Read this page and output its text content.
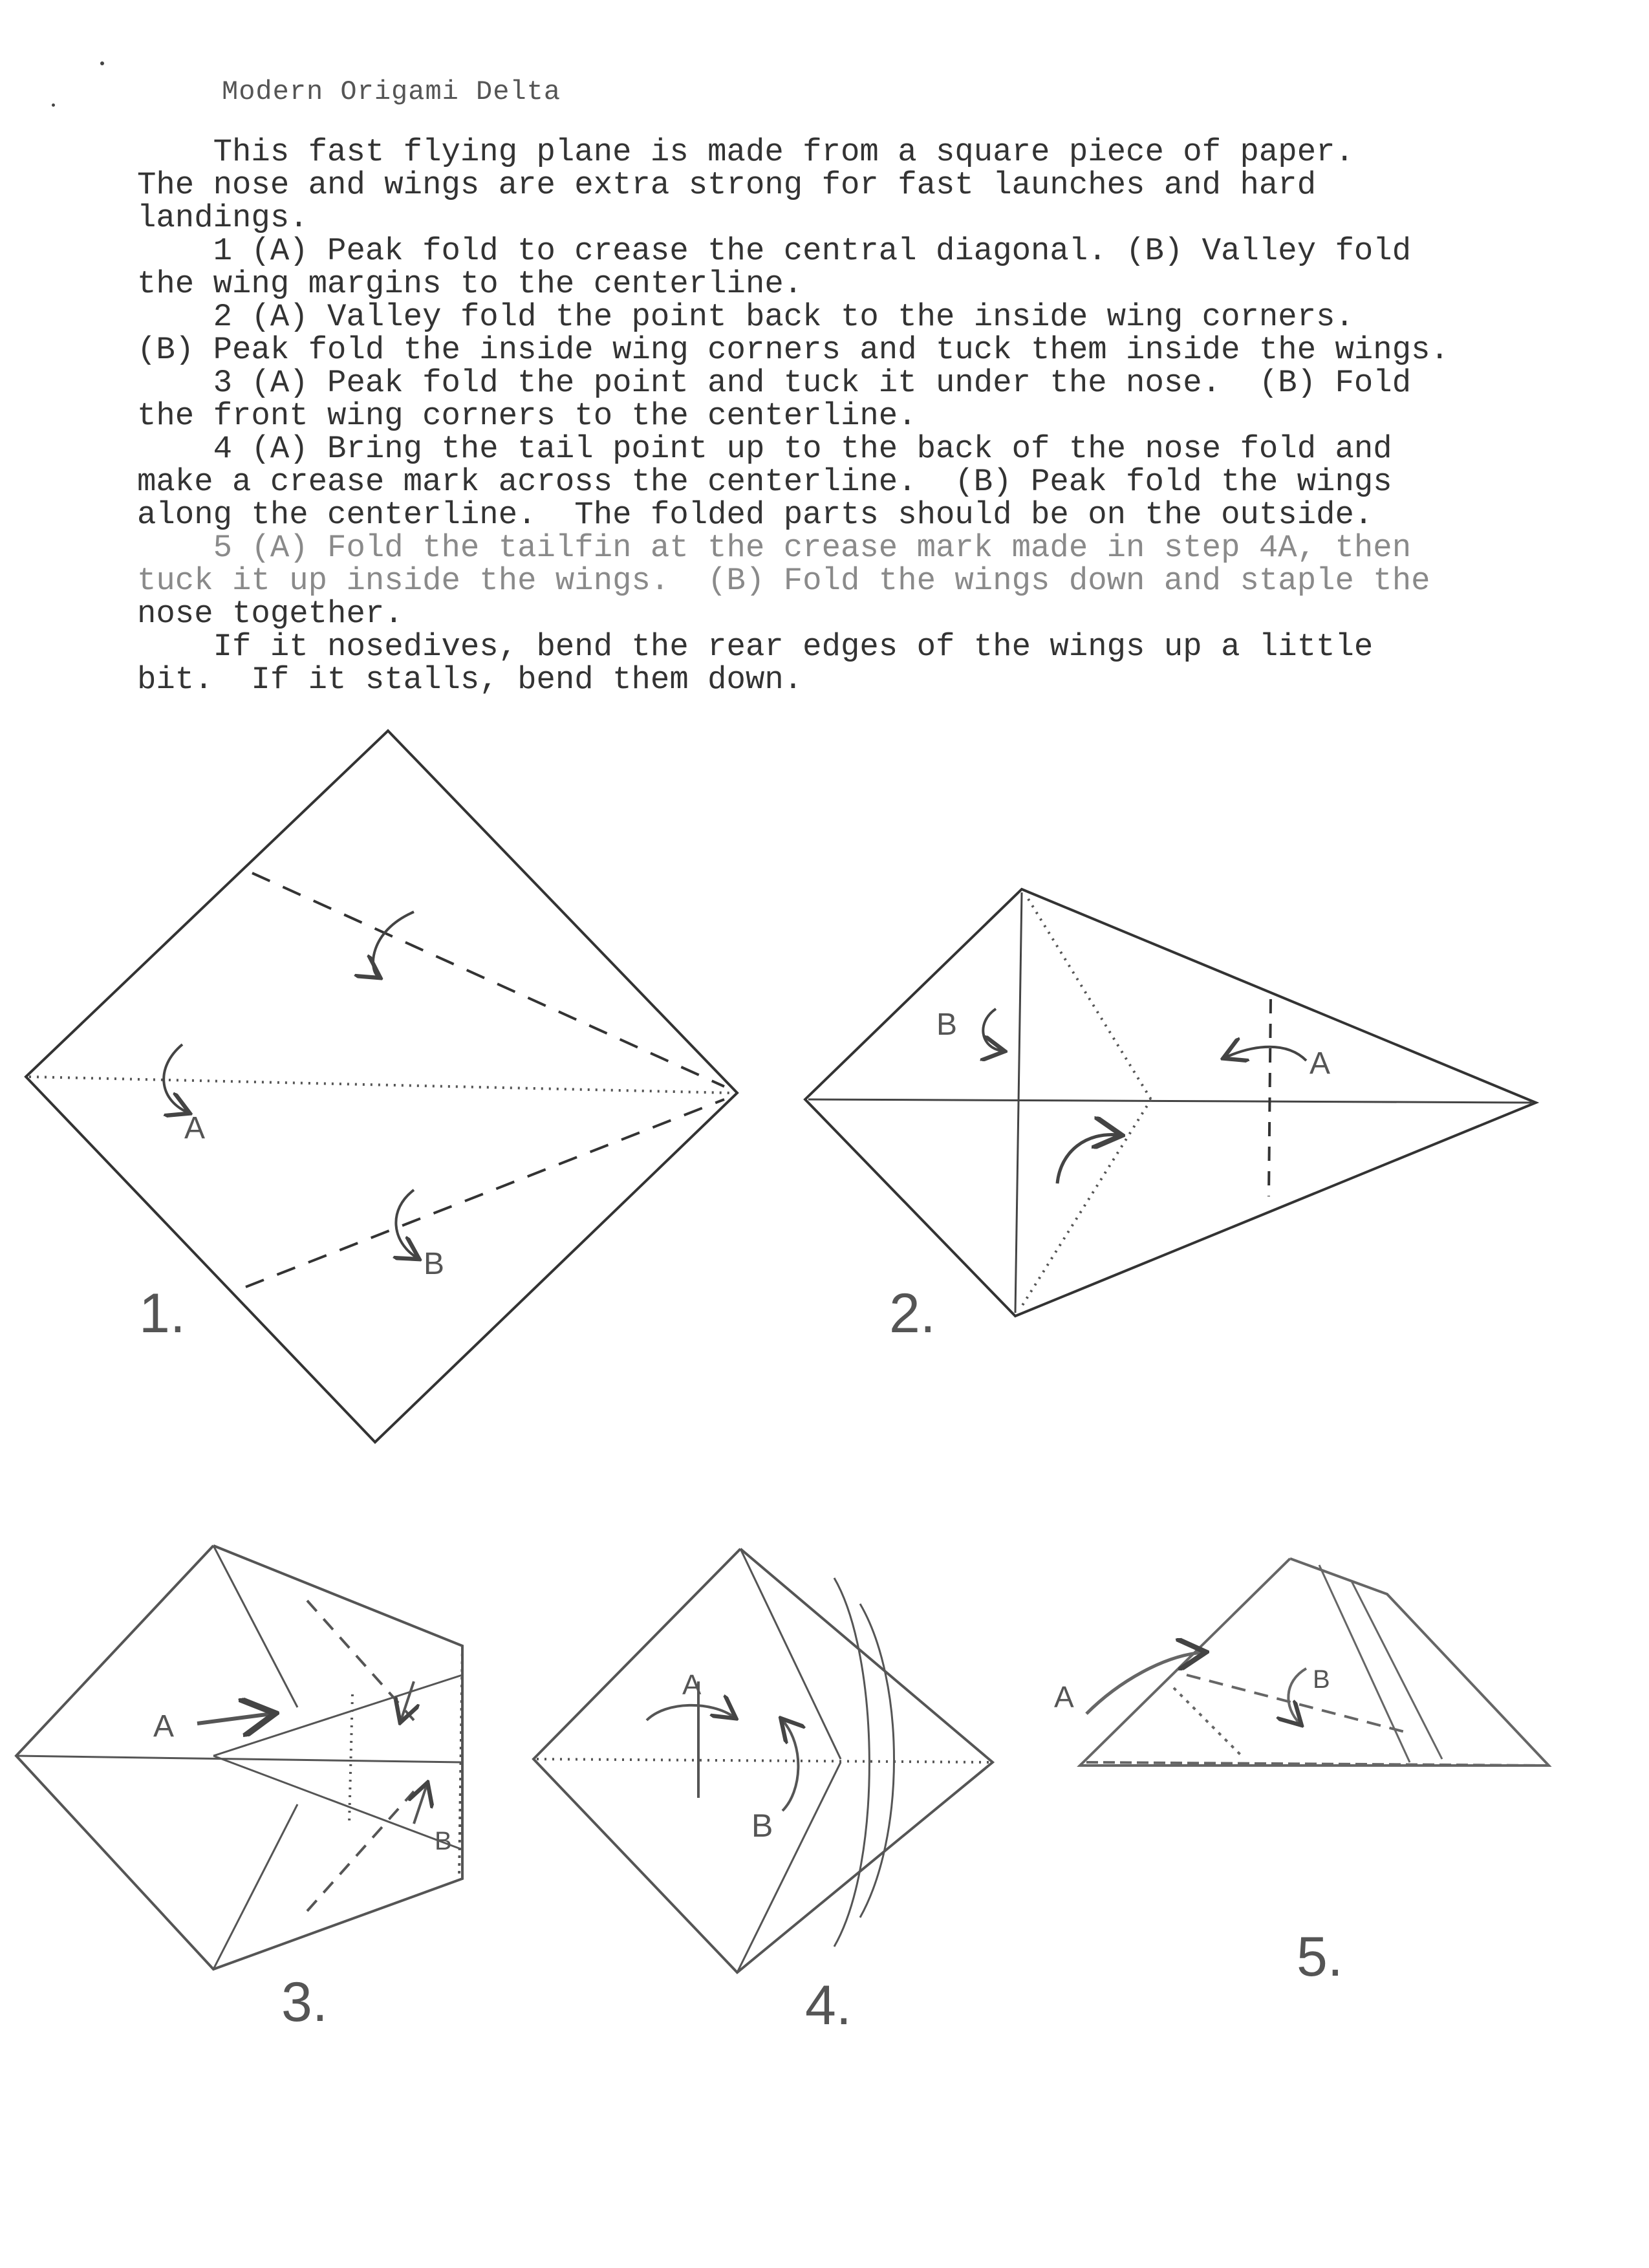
Modern Origami Delta
This fast flying plane is made from a square piece of paper.
The nose and wings are extra strong for fast launches and hard
landings.
1 (A) Peak fold to crease the central diagonal. (B) Valley fold
the wing margins to the centerline.
2 (A) Valley fold the point back to the inside wing corners.
(B) Peak fold the inside wing corners and tuck them inside the wings.
3 (A) Peak fold the point and tuck it under the nose.  (B) Fold
the front wing corners to the centerline.
4 (A) Bring the tail point up to the back of the nose fold and
make a crease mark across the centerline.  (B) Peak fold the wings
along the centerline.  The folded parts should be on the outside.
5 (A) Fold the tailfin at the crease mark made in step 4A, then
tuck it up inside the wings.  (B) Fold the wings down and staple the
nose together.
If it nosedives, bend the rear edges of the wings up a little
bit.  If it stalls, bend them down.
A
B
1.
A
B
2.
A
B
3.
A
B
4.
A
B
5.
